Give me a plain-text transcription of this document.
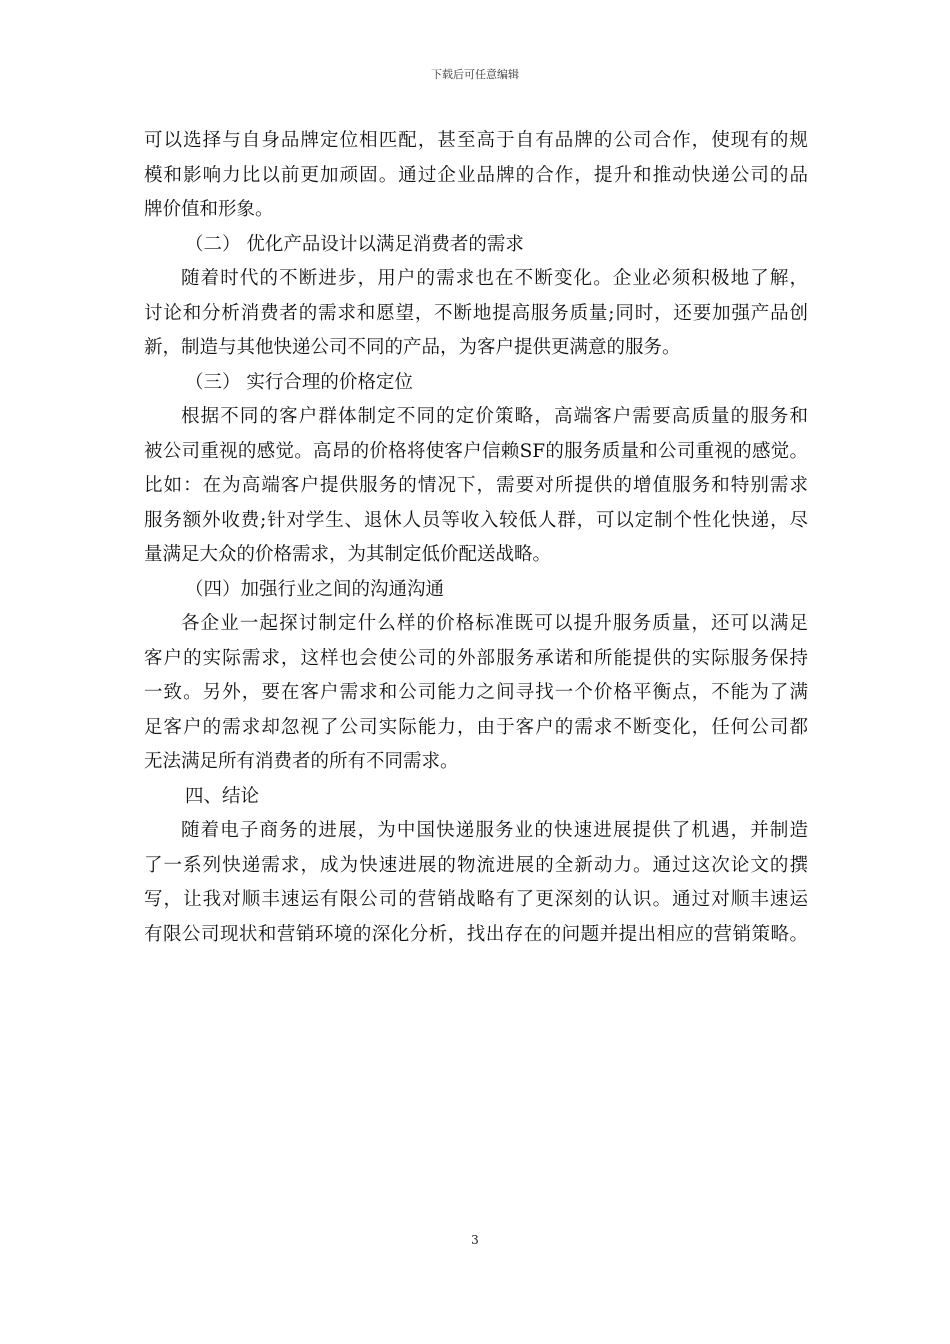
下载后可任意编辑
可以选择与自身品牌定位相匹配，甚至高于自有品牌的公司合作，使现有的规
模和影响力比以前更加顽固。通过企业品牌的合作，提升和推动快递公司的品
牌价值和形象。
（二） 优化产品设计以满足消费者的需求
随着时代的不断进步，用户的需求也在不断变化。企业必须积极地了解，
讨论和分析消费者的需求和愿望，不断地提高服务质量;同时，还要加强产品创
新，制造与其他快递公司不同的产品，为客户提供更满意的服务。
（三） 实行合理的价格定位
根据不同的客户群体制定不同的定价策略，高端客户需要高质量的服务和
被公司重视的感觉。高昂的价格将使客户信赖SF的服务质量和公司重视的感觉。
比如：在为高端客户提供服务的情况下，需要对所提供的增值服务和特别需求
服务额外收费;针对学生、退休人员等收入较低人群，可以定制个性化快递，尽
量满足大众的价格需求，为其制定低价配送战略。
（四）加强行业之间的沟通沟通
各企业一起探讨制定什么样的价格标准既可以提升服务质量，还可以满足
客户的实际需求，这样也会使公司的外部服务承诺和所能提供的实际服务保持
一致。另外，要在客户需求和公司能力之间寻找一个价格平衡点，不能为了满
足客户的需求却忽视了公司实际能力，由于客户的需求不断变化，任何公司都
无法满足所有消费者的所有不同需求。
四、结论
随着电子商务的进展，为中国快递服务业的快速进展提供了机遇，并制造
了一系列快递需求，成为快速进展的物流进展的全新动力。通过这次论文的撰
写，让我对顺丰速运有限公司的营销战略有了更深刻的认识。通过对顺丰速运
有限公司现状和营销环境的深化分析，找出存在的问题并提出相应的营销策略。
3
